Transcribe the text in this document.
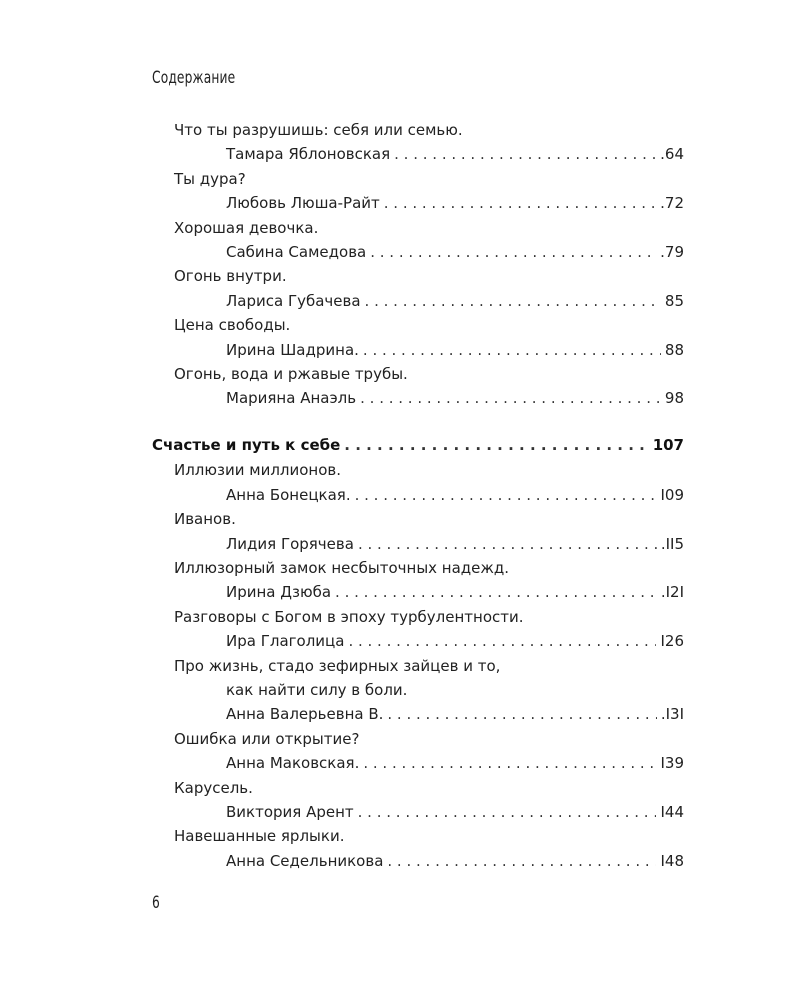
Содержание
Что ты разрушишь: себя или семью.
Тамара Яблоновская . . .	.64
Ты дура?
Любовь Люша-Райт . . .	.72
Хорошая девочка.
Сабина Самедова . . .	.79
Огонь внутри.
Лариса Губачева . . .	85
Цена свободы.
Ирина Шадрина. . . .	88
Огонь, вода и ржавые трубы.
Марияна Анаэль . . .	98
Счастье и путь к себе . . .	107
Иллюзии миллионов.
Анна Бонецкая. . . .	I09
Иванов.
Лидия Горячева . . .	.II5
Иллюзорный замок несбыточных надежд.
Ирина Дзюба . . .	.I2I
Разговоры с Богом в эпоху турбулентности.
Ира Глаголица . . .	I26
Про жизнь, стадо зефирных зайцев и то,
как найти силу в боли.
Анна Валерьевна В. . . .	.I3I
Ошибка или открытие?
Анна Маковская. . . .	I39
Карусель.
Виктория Арент . . .	I44
Навешанные ярлыки.
Анна Седельникова . . .	I48
6
